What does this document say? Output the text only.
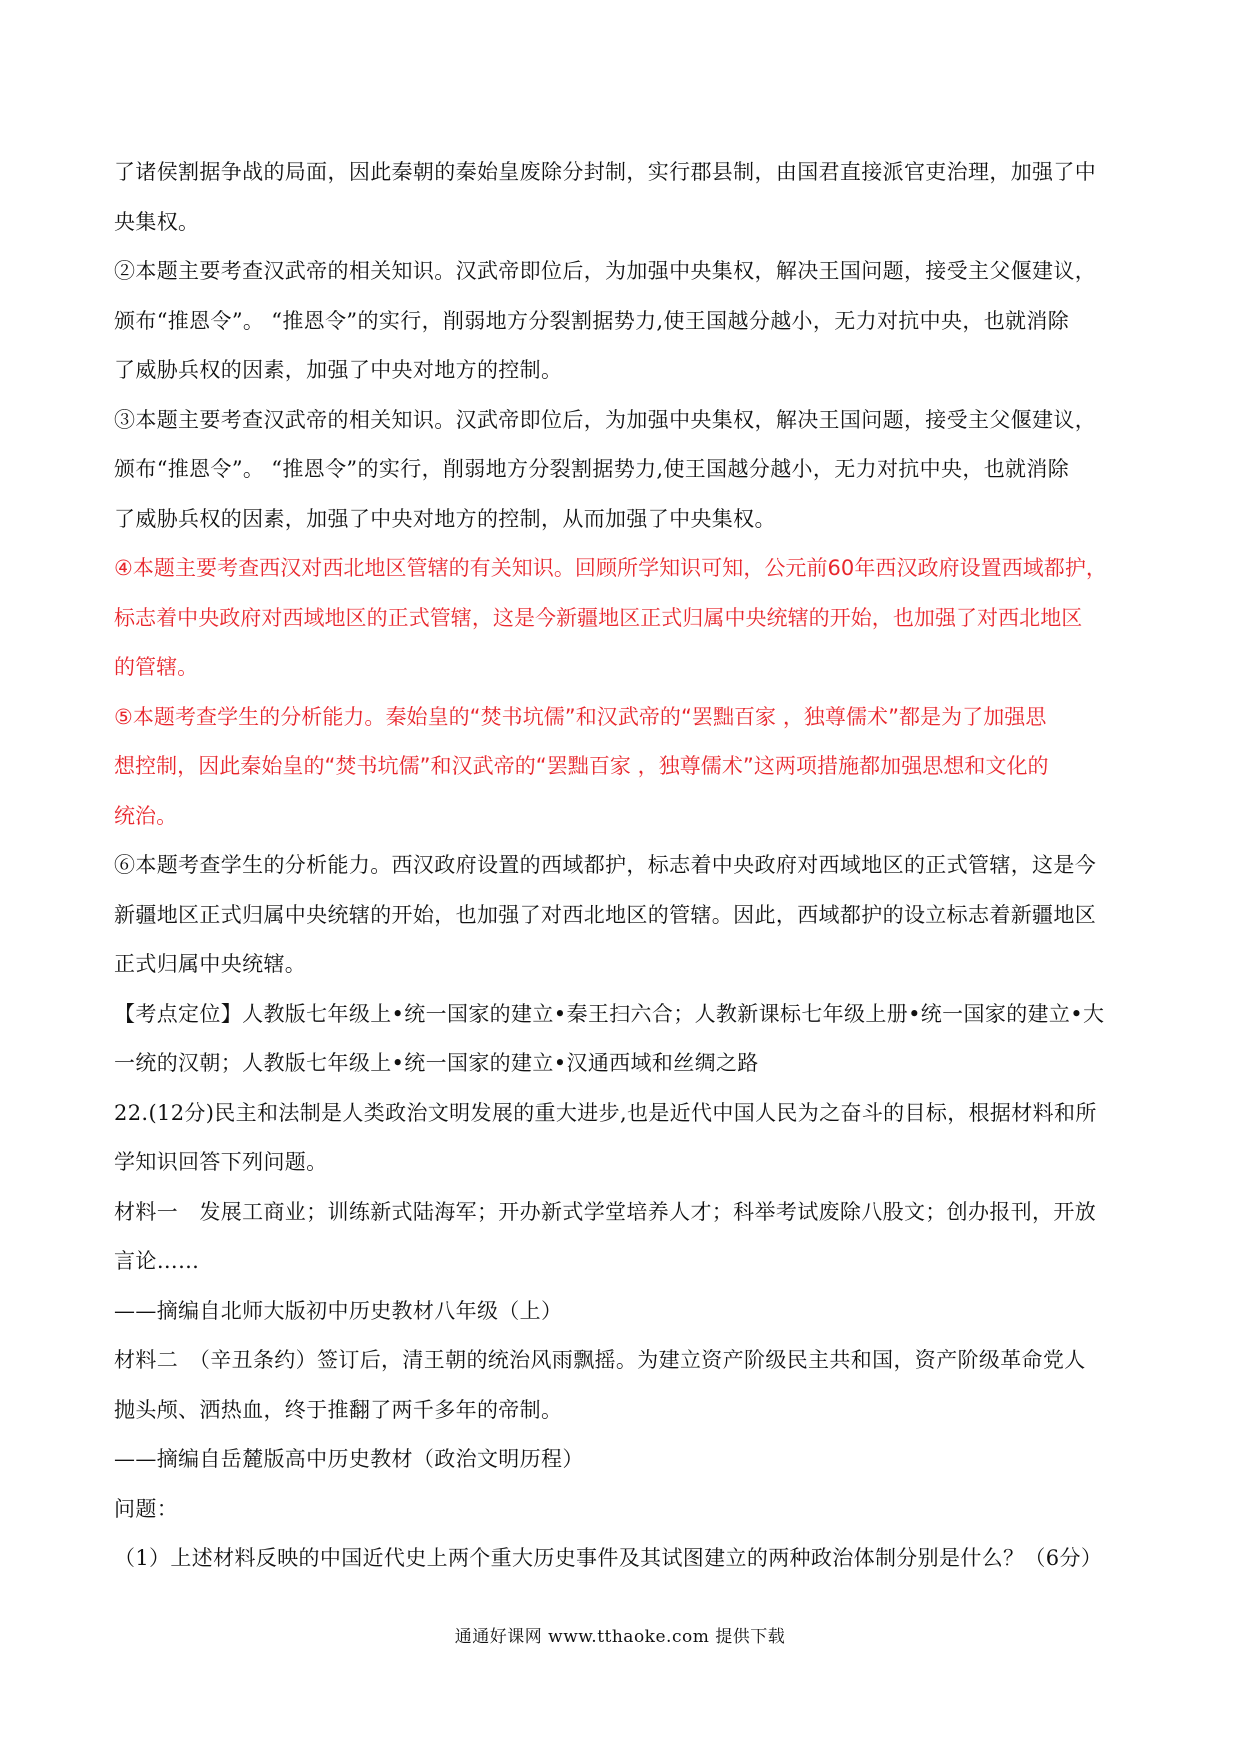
了诸侯割据争战的局面，因此秦朝的秦始皇废除分封制，实行郡县制，由国君直接派官吏治理，加强了中
央集权。
②本题主要考查汉武帝的相关知识。汉武帝即位后，为加强中央集权，解决王国问题，接受主父偃建议，
颁布“推恩令”。 “推恩令”的实行，削弱地方分裂割据势力,使王国越分越小，无力对抗中央，也就消除
了威胁兵权的因素，加强了中央对地方的控制。
③本题主要考查汉武帝的相关知识。汉武帝即位后，为加强中央集权，解决王国问题，接受主父偃建议，
颁布“推恩令”。 “推恩令”的实行，削弱地方分裂割据势力,使王国越分越小，无力对抗中央，也就消除
了威胁兵权的因素，加强了中央对地方的控制，从而加强了中央集权。
④本题主要考查西汉对西北地区管辖的有关知识。回顾所学知识可知，公元前60年西汉政府设置西域都护，
标志着中央政府对西域地区的正式管辖，这是今新疆地区正式归属中央统辖的开始，也加强了对西北地区
的管辖。
⑤本题考查学生的分析能力。秦始皇的“焚书坑儒”和汉武帝的“罢黜百家 ，独尊儒术”都是为了加强思
想控制，因此秦始皇的“焚书坑儒”和汉武帝的“罢黜百家 ，独尊儒术”这两项措施都加强思想和文化的
统治。
⑥本题考查学生的分析能力。西汉政府设置的西域都护，标志着中央政府对西域地区的正式管辖，这是今
新疆地区正式归属中央统辖的开始，也加强了对西北地区的管辖。因此，西域都护的设立标志着新疆地区
正式归属中央统辖。
【考点定位】人教版七年级上•统一国家的建立•秦王扫六合；人教新课标七年级上册•统一国家的建立•大
一统的汉朝；人教版七年级上•统一国家的建立•汉通西域和丝绸之路
22.(12分)民主和法制是人类政治文明发展的重大进步,也是近代中国人民为之奋斗的目标，根据材料和所
学知识回答下列问题。
材料一　发展工商业；训练新式陆海军；开办新式学堂培养人才；科举考试废除八股文；创办报刊，开放
言论……
——摘编自北师大版初中历史教材八年级（上）
材料二　（辛丑条约）签订后，清王朝的统治风雨飘摇。为建立资产阶级民主共和国，资产阶级革命党人
抛头颅、洒热血，终于推翻了两千多年的帝制。
——摘编自岳麓版高中历史教材（政治文明历程）
问题：
（1）上述材料反映的中国近代史上两个重大历史事件及其试图建立的两种政治体制分别是什么？（6分）
通通好课网 www.tthaoke.com 提供下载
